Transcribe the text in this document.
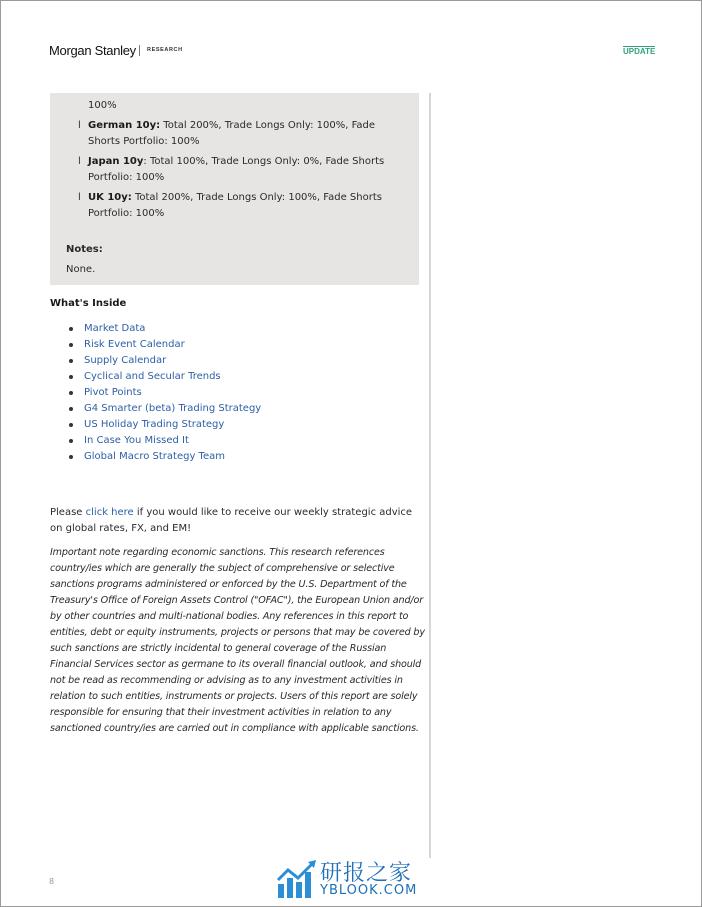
Morgan Stanley RESEARCH	UPDATE
100%
l German 10y: Total 200%, Trade Longs Only: 100%, Fade Shorts Portfolio: 100%
l Japan 10y: Total 100%, Trade Longs Only: 0%, Fade Shorts Portfolio: 100%
l UK 10y: Total 200%, Trade Longs Only: 100%, Fade Shorts Portfolio: 100%
Notes:
None.
What's Inside
Market Data
Risk Event Calendar
Supply Calendar
Cyclical and Secular Trends
Pivot Points
G4 Smarter (beta) Trading Strategy
US Holiday Trading Strategy
In Case You Missed It
Global Macro Strategy Team
Please click here if you would like to receive our weekly strategic advice on global rates, FX, and EM!
Important note regarding economic sanctions. This research references country/ies which are generally the subject of comprehensive or selective sanctions programs administered or enforced by the U.S. Department of the Treasury's Office of Foreign Assets Control ("OFAC"), the European Union and/or by other countries and multi-national bodies. Any references in this report to entities, debt or equity instruments, projects or persons that may be covered by such sanctions are strictly incidental to general coverage of the Russian Financial Services sector as germane to its overall financial outlook, and should not be read as recommending or advising as to any investment activities in relation to such entities, instruments or projects. Users of this report are solely responsible for ensuring that their investment activities in relation to any sanctioned country/ies are carried out in compliance with applicable sanctions.
8	研报之家
YBLOOK.COM
